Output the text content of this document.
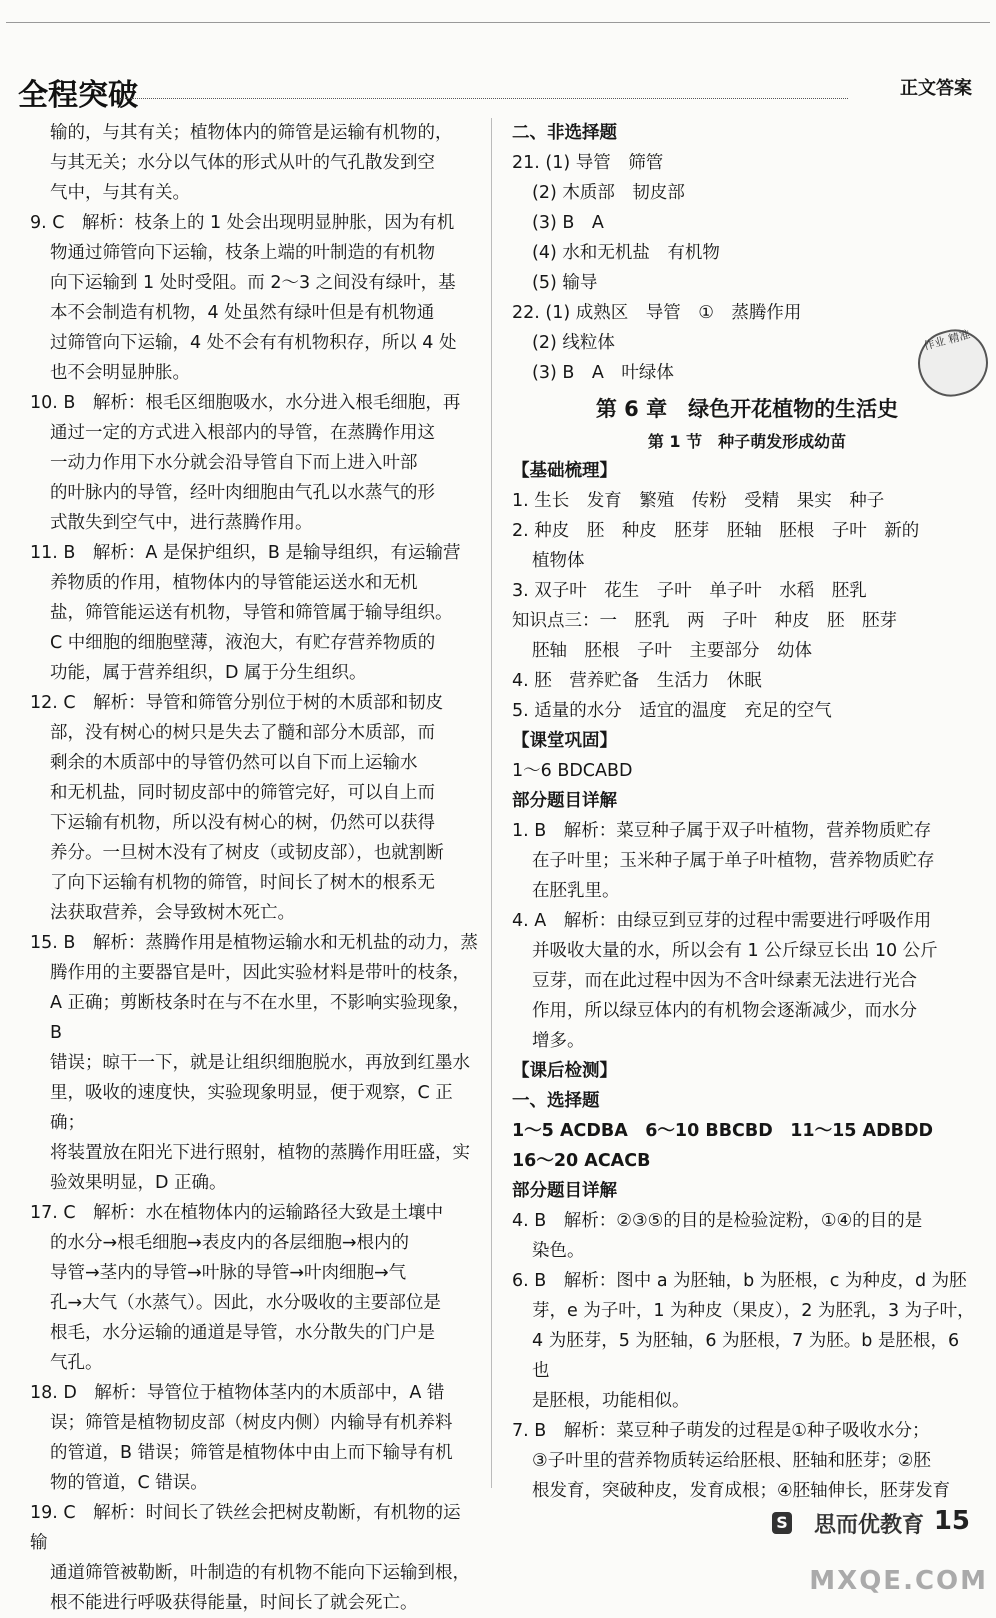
全程突破	正文答案

输的，与其有关；植物体内的筛管是运输有机物的，

与其无关；水分以气体的形式从叶的气孔散发到空

气中，与其有关。

9. C　解析：枝条上的 1 处会出现明显肿胀，因为有机

物通过筛管向下运输，枝条上端的叶制造的有机物

向下运输到 1 处时受阻。而 2～3 之间没有绿叶，基

本不会制造有机物，4 处虽然有绿叶但是有机物通

过筛管向下运输，4 处不会有有机物积存，所以 4 处

也不会明显肿胀。

10. B　解析：根毛区细胞吸水，水分进入根毛细胞，再

通过一定的方式进入根部内的导管，在蒸腾作用这

一动力作用下水分就会沿导管自下而上进入叶部

的叶脉内的导管，经叶肉细胞由气孔以水蒸气的形

式散失到空气中，进行蒸腾作用。

11. B　解析：A 是保护组织，B 是输导组织，有运输营

养物质的作用，植物体内的导管能运送水和无机

盐，筛管能运送有机物，导管和筛管属于输导组织。

C 中细胞的细胞壁薄，液泡大，有贮存营养物质的

功能，属于营养组织，D 属于分生组织。

12. C　解析：导管和筛管分别位于树的木质部和韧皮

部，没有树心的树只是失去了髓和部分木质部，而

剩余的木质部中的导管仍然可以自下而上运输水

和无机盐，同时韧皮部中的筛管完好，可以自上而

下运输有机物，所以没有树心的树，仍然可以获得

养分。一旦树木没有了树皮（或韧皮部），也就割断

了向下运输有机物的筛管，时间长了树木的根系无

法获取营养，会导致树木死亡。

15. B　解析：蒸腾作用是植物运输水和无机盐的动力，蒸

腾作用的主要器官是叶，因此实验材料是带叶的枝条，

A 正确；剪断枝条时在与不在水里，不影响实验现象，B

错误；晾干一下，就是让组织细胞脱水，再放到红墨水

里，吸收的速度快，实验现象明显，便于观察，C 正确；

将装置放在阳光下进行照射，植物的蒸腾作用旺盛，实

验效果明显，D 正确。

17. C　解析：水在植物体内的运输路径大致是土壤中

的水分→根毛细胞→表皮内的各层细胞→根内的

导管→茎内的导管→叶脉的导管→叶肉细胞→气

孔→大气（水蒸气）。因此，水分吸收的主要部位是

根毛，水分运输的通道是导管，水分散失的门户是

气孔。

18. D　解析：导管位于植物体茎内的木质部中，A 错

误；筛管是植物韧皮部（树皮内侧）内输导有机养料

的管道，B 错误；筛管是植物体中由上而下输导有机

物的管道，C 错误。

19. C　解析：时间长了铁丝会把树皮勒断，有机物的运输

通道筛管被勒断，叶制造的有机物不能向下运输到根，

根不能进行呼吸获得能量，时间长了就会死亡。

二、非选择题

21. (1) 导管　筛管

(2) 木质部　韧皮部

(3) B　A

(4) 水和无机盐　有机物

(5) 输导

22. (1) 成熟区　导管　①　蒸腾作用

(2) 线粒体

(3) B　A　叶绿体

第 6 章　绿色开花植物的生活史
第 1 节　种子萌发形成幼苗

【基础梳理】

1. 生长　发育　繁殖　传粉　受精　果实　种子

2. 种皮　胚　种皮　胚芽　胚轴　胚根　子叶　新的

植物体

3. 双子叶　花生　子叶　单子叶　水稻　胚乳

知识点三：一　胚乳　两　子叶　种皮　胚　胚芽

胚轴　胚根　子叶　主要部分　幼体

4. 胚　营养贮备　生活力　休眠

5. 适量的水分　适宜的温度　充足的空气

【课堂巩固】

1～6 BDCABD

部分题目详解

1. B　解析：菜豆种子属于双子叶植物，营养物质贮存

在子叶里；玉米种子属于单子叶植物，营养物质贮存

在胚乳里。

4. A　解析：由绿豆到豆芽的过程中需要进行呼吸作用

并吸收大量的水，所以会有 1 公斤绿豆长出 10 公斤

豆芽，而在此过程中因为不含叶绿素无法进行光合

作用，所以绿豆体内的有机物会逐渐减少，而水分

增多。

【课后检测】

一、选择题

1～5 ACDBA　6～10 BBCBD　11～15 ADBDD

16～20 ACACB

部分题目详解

4. B　解析：②③⑤的目的是检验淀粉，①④的目的是

染色。

6. B　解析：图中 a 为胚轴，b 为胚根，c 为种皮，d 为胚

芽，e 为子叶，1 为种皮（果皮），2 为胚乳，3 为子叶，

4 为胚芽，5 为胚轴，6 为胚根，7 为胚。b 是胚根，6 也

是胚根，功能相似。

7. B　解析：菜豆种子萌发的过程是①种子吸收水分；

③子叶里的营养物质转运给胚根、胚轴和胚芽；②胚

根发育，突破种皮，发育成根；④胚轴伸长，胚芽发育

作业 精准
S 思而优教育 15
MXQE.COM
